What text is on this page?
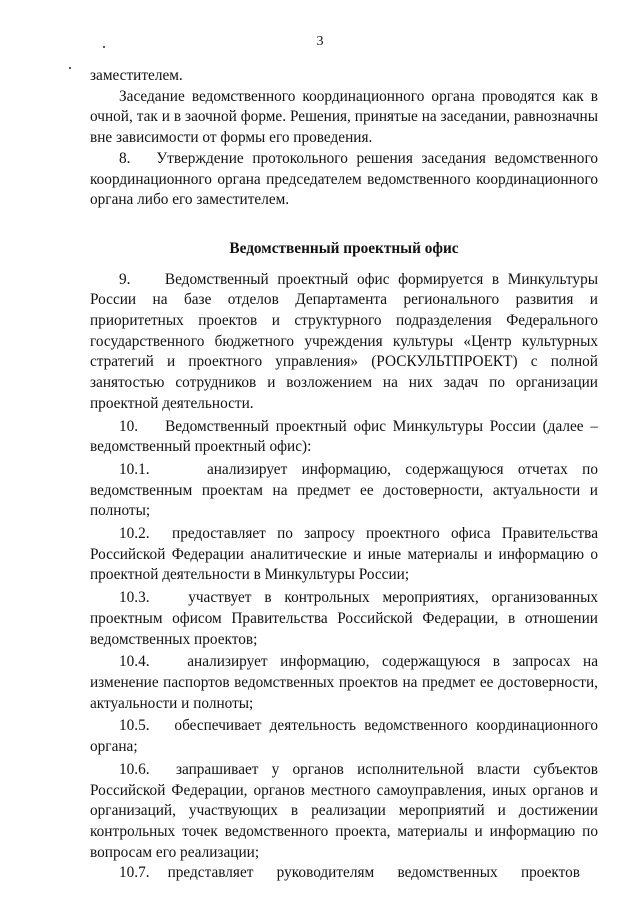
3

заместителем.

Заседание ведомственного координационного органа проводятся как в очной, так и в заочной форме. Решения, принятые на заседании, равнозначны вне зависимости от формы его проведения.

8.   Утверждение протокольного решения заседания ведомственного координационного органа председателем ведомственного координационного органа либо его заместителем.

Ведомственный проектный офис

9.    Ведомственный проектный офис формируется в Минкультуры России на базе отделов Департамента регионального развития и приоритетных проектов и структурного подразделения Федерального государственного бюджетного учреждения культуры «Центр культурных стратегий и проектного управления» (РОСКУЛЬТПРОЕКТ) с полной занятостью сотрудников и возложением на них задач по организации проектной деятельности.

10.    Ведомственный проектный офис Минкультуры России (далее – ведомственный проектный офис):

10.1.    анализирует информацию, содержащуюся отчетах по ведомственным проектам на предмет ее достоверности, актуальности и полноты;

10.2.  предоставляет по запросу проектного офиса Правительства Российской Федерации аналитические и иные материалы и информацию о проектной деятельности в Минкультуры России;

10.3.   участвует в контрольных мероприятиях, организованных проектным офисом Правительства Российской Федерации, в отношении ведомственных проектов;

10.4.   анализирует информацию, содержащуюся в запросах на изменение паспортов ведомственных проектов на предмет ее достоверности, актуальности и полноты;

10.5.   обеспечивает деятельность ведомственного координационного органа;

10.6.  запрашивает у органов исполнительной власти субъектов Российской Федерации, органов местного самоуправления, иных органов и организаций, участвующих в реализации мероприятий и достижении контрольных точек ведомственного проекта, материалы и информацию по вопросам его реализации;

10.7. представляет руководителям ведомственных проектов
